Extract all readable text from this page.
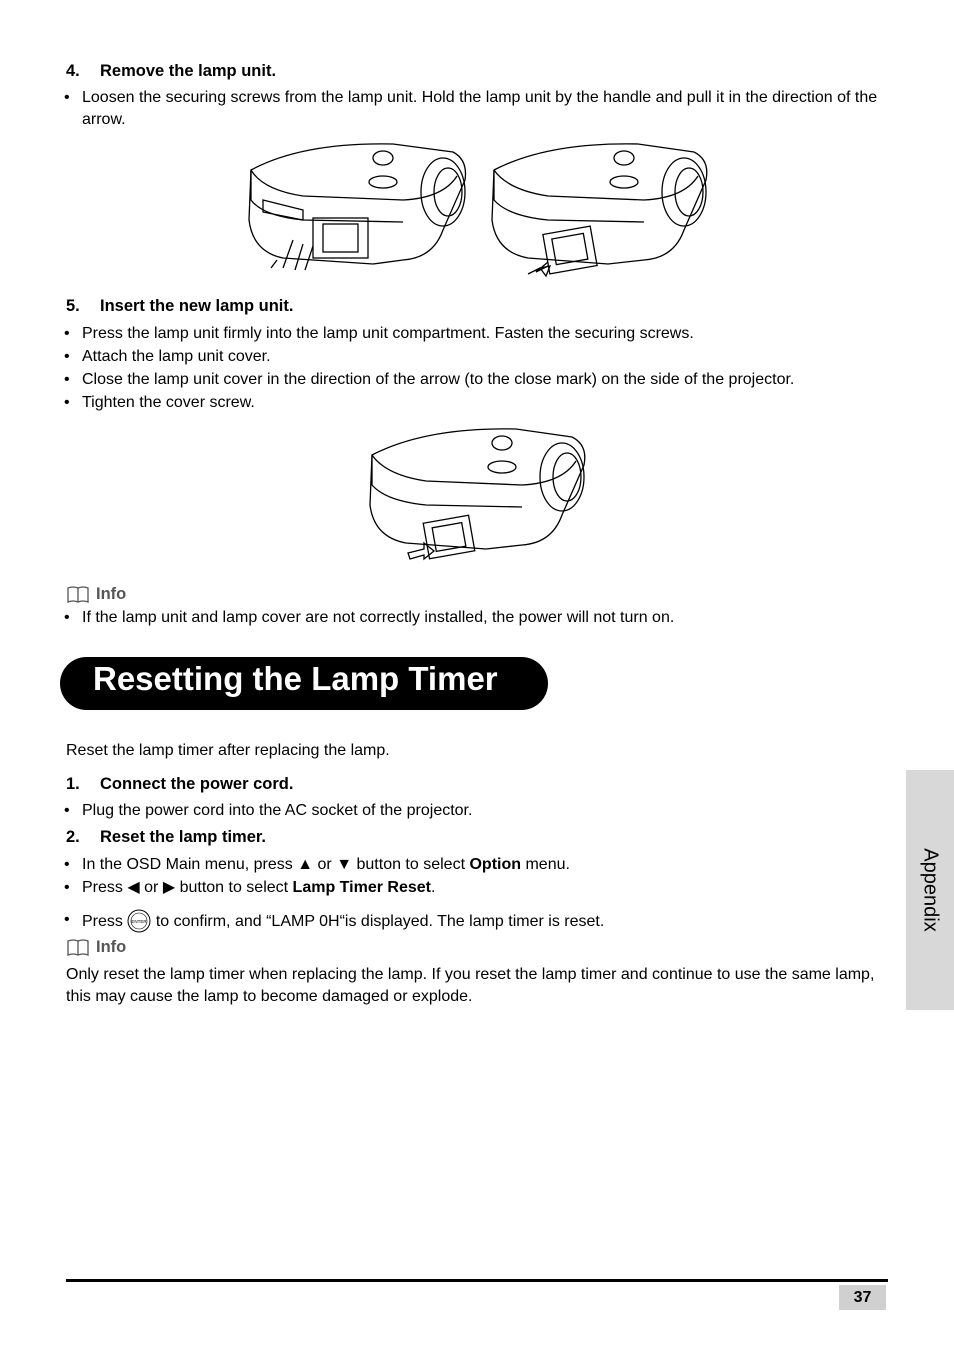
4. Remove the lamp unit.
• Loosen the securing screws from the lamp unit. Hold the lamp unit by the handle and pull it in the direction of the arrow.
5. Insert the new lamp unit.
• Press the lamp unit firmly into the lamp unit compartment. Fasten the securing screws.
• Attach the lamp unit cover.
• Close the lamp unit cover in the direction of the arrow (to the close mark) on the side of the projector.
• Tighten the cover screw.
Info
• If the lamp unit and lamp cover are not correctly installed, the power will not turn on.
Resetting the Lamp Timer
Reset the lamp timer after replacing the lamp.
1. Connect the power cord.
• Plug the power cord into the AC socket of the projector.
2. Reset the lamp timer.
• In the OSD Main menu, press ▲ or ▼ button to select Option menu.
• Press ◀ or ▶ button to select Lamp Timer Reset.
• Press ENTER to confirm, and “LAMP 0H“is displayed. The lamp timer is reset.
Info
Only reset the lamp timer when replacing the lamp. If you reset the lamp timer and continue to use the same lamp, this may cause the lamp to become damaged or explode.
Appendix
37
